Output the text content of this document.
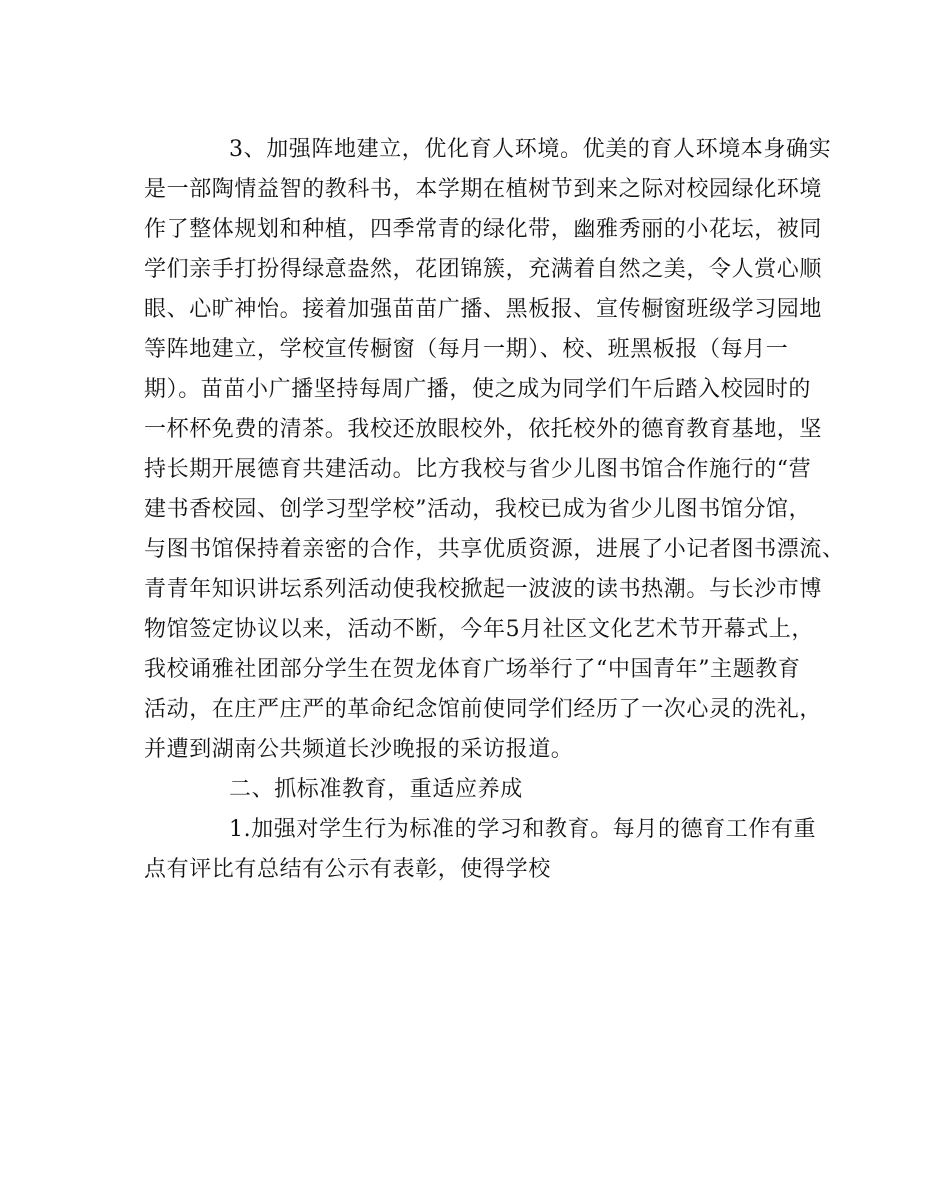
3、加强阵地建立，优化育人环境。优美的育人环境本身确实
是一部陶情益智的教科书，本学期在植树节到来之际对校园绿化环境
作了整体规划和种植，四季常青的绿化带，幽雅秀丽的小花坛，被同
学们亲手打扮得绿意盎然，花团锦簇，充满着自然之美，令人赏心顺
眼、心旷神怡。接着加强苗苗广播、黑板报、宣传橱窗班级学习园地
等阵地建立，学校宣传橱窗（每月一期）、校、班黑板报（每月一
期）。苗苗小广播坚持每周广播，使之成为同学们午后踏入校园时的
一杯杯免费的清茶。我校还放眼校外，依托校外的德育教育基地，坚
持长期开展德育共建活动。比方我校与省少儿图书馆合作施行的“营
建书香校园、创学习型学校”活动，我校已成为省少儿图书馆分馆，
与图书馆保持着亲密的合作，共享优质资源，进展了小记者图书漂流、
青青年知识讲坛系列活动使我校掀起一波波的读书热潮。与长沙市博
物馆签定协议以来，活动不断，今年5月社区文化艺术节开幕式上，
我校诵雅社团部分学生在贺龙体育广场举行了“中国青年”主题教育
活动，在庄严庄严的革命纪念馆前使同学们经历了一次心灵的洗礼，
并遭到湖南公共频道长沙晚报的采访报道。
二、抓标准教育，重适应养成
1.加强对学生行为标准的学习和教育。每月的德育工作有重
点有评比有总结有公示有表彰，使得学校
